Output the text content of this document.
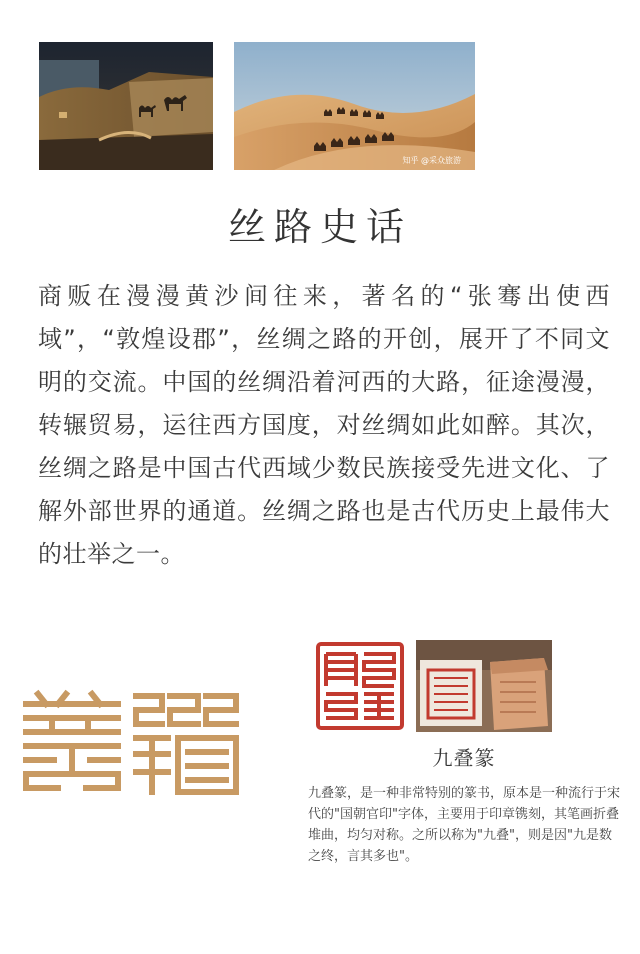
知乎 @采众旅游
丝路史话
商贩在漫漫黄沙间往来，著名的“张骞出使西域”，“敦煌设郡”，丝绸之路的开创，展开了不同文明的交流。中国的丝绸沿着河西的大路，征途漫漫，转辗贸易，运往西方国度，对丝绸如此如醉。其次，丝绸之路是中国古代西域少数民族接受先进文化、了解外部世界的通道。丝绸之路也是古代历史上最伟大的壮举之一。
九叠篆
九叠篆，是一种非常特别的篆书，原本是一种流行于宋代的"国朝官印"字体，主要用于印章镌刻，其笔画折叠堆曲，均匀对称。之所以称为"九叠"，则是因"九是数之终，言其多也"。
